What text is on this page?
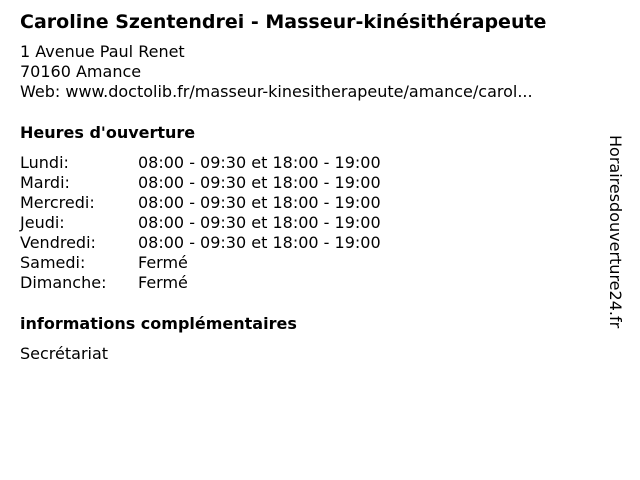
Caroline Szentendrei - Masseur-kinésithérapeute
1 Avenue Paul Renet
70160 Amance
Web: www.doctolib.fr/masseur-kinesitherapeute/amance/carol...
Heures d'ouverture
Lundi:	08:00 - 09:30 et 18:00 - 19:00
Mardi:	08:00 - 09:30 et 18:00 - 19:00
Mercredi:	08:00 - 09:30 et 18:00 - 19:00
Jeudi:	08:00 - 09:30 et 18:00 - 19:00
Vendredi:	08:00 - 09:30 et 18:00 - 19:00
Samedi:	Fermé
Dimanche: Fermé
informations complémentaires
Secrétariat
Horairesdouverture24.fr
